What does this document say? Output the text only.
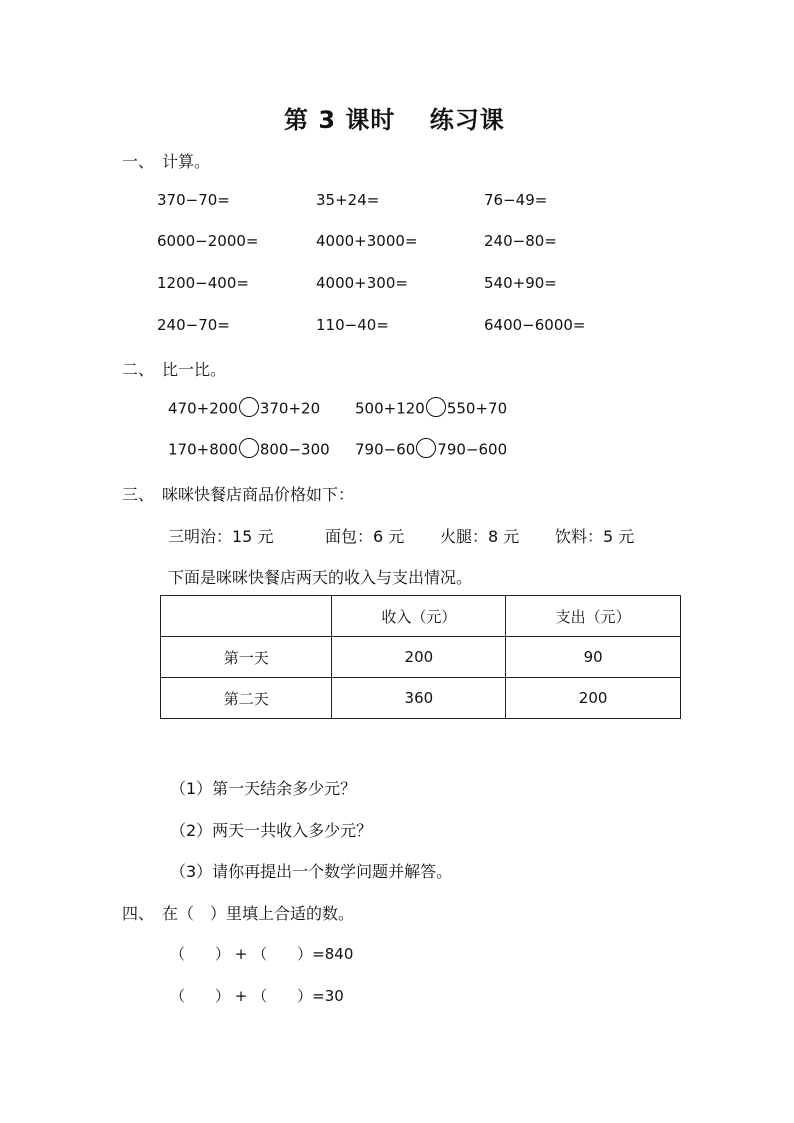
第 3 课时　 练习课
一、　计算。
370−70=	35+24=	76−49=
6000−2000=	4000+3000=	240−80=
1200−400=	4000+300=	540+90=
240−70=	110−40=	6400−6000=
二、　比一比。
470+200 370+20 500+120 550+70
170+800 800−300 790−60 790−600
三、　咪咪快餐店商品价格如下：
三明治：15 元	面包：6 元 火腿：8 元 饮料：5 元
下面是咪咪快餐店两天的收入与支出情况。
	收入（元）	支出（元）
第一天	200	90
第二天	360	200
（1）第一天结余多少元？
（2）两天一共收入多少元？
（3）请你再提出一个数学问题并解答。
四、　在（　）里填上合适的数。
（　　） + （　　）=840
（　　） + （　　）=30
